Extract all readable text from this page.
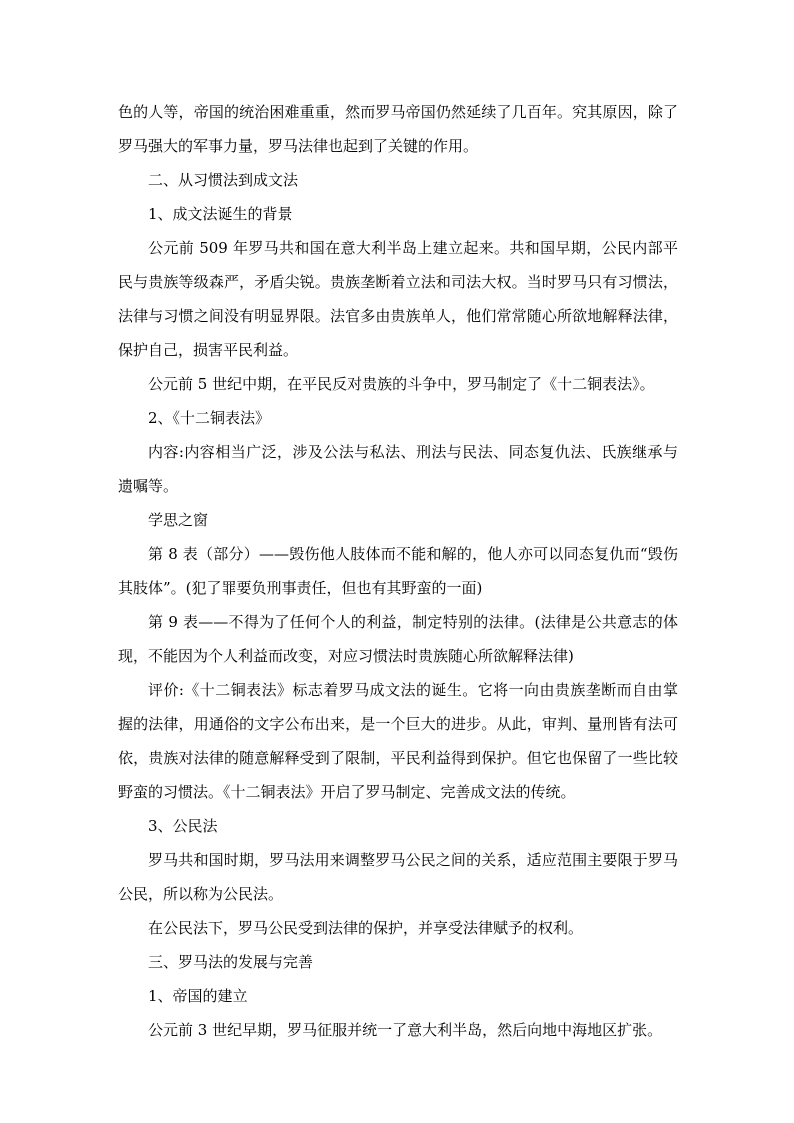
色的人等，帝国的统治困难重重，然而罗马帝国仍然延续了几百年。究其原因，除了罗马强大的军事力量，罗马法律也起到了关键的作用。

二、从习惯法到成文法

1、成文法诞生的背景

公元前 509 年罗马共和国在意大利半岛上建立起来。共和国早期，公民内部平民与贵族等级森严，矛盾尖锐。贵族垄断着立法和司法大权。当时罗马只有习惯法，法律与习惯之间没有明显界限。法官多由贵族单人，他们常常随心所欲地解释法律，保护自己，损害平民利益。

公元前 5 世纪中期，在平民反对贵族的斗争中，罗马制定了《十二铜表法》。

2、《十二铜表法》

内容:内容相当广泛，涉及公法与私法、刑法与民法、同态复仇法、氏族继承与遗嘱等。

学思之窗

第 8 表（部分）——毁伤他人肢体而不能和解的，他人亦可以同态复仇而“毁伤其肢体”。(犯了罪要负刑事责任，但也有其野蛮的一面)

第 9 表——不得为了任何个人的利益，制定特别的法律。(法律是公共意志的体现，不能因为个人利益而改变，对应习惯法时贵族随心所欲解释法律)

评价:《十二铜表法》标志着罗马成文法的诞生。它将一向由贵族垄断而自由掌握的法律，用通俗的文字公布出来，是一个巨大的进步。从此，审判、量刑皆有法可依，贵族对法律的随意解释受到了限制，平民利益得到保护。但它也保留了一些比较野蛮的习惯法。《十二铜表法》开启了罗马制定、完善成文法的传统。

3、公民法

罗马共和国时期，罗马法用来调整罗马公民之间的关系，适应范围主要限于罗马公民，所以称为公民法。

在公民法下，罗马公民受到法律的保护，并享受法律赋予的权利。

三、罗马法的发展与完善

1、帝国的建立

公元前 3 世纪早期，罗马征服并统一了意大利半岛，然后向地中海地区扩张。
